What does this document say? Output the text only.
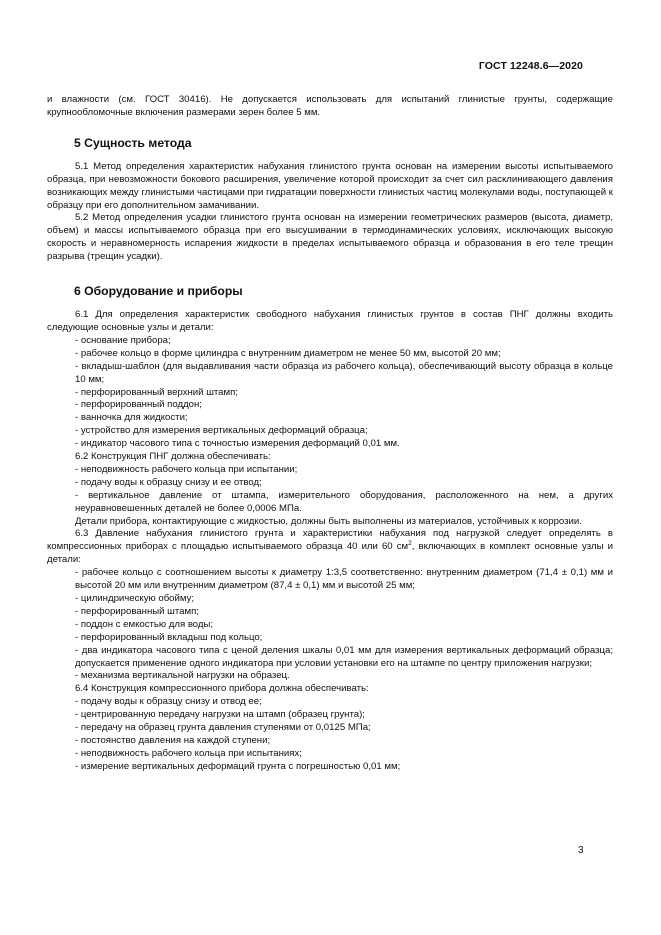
ГОСТ 12248.6—2020

и влажности (см. ГОСТ 30416). Не допускается использовать для испытаний глинистые грунты, содержащие крупнообломочные включения размерами зерен более 5 мм.

5 Сущность метода

5.1 Метод определения характеристик набухания глинистого грунта основан на измерении высоты испытываемого образца, при невозможности бокового расширения, увеличение которой происходит за счет сил расклинивающего давления возникающих между глинистыми частицами при гидратации поверхности глинистых частиц молекулами воды, поступающей к образцу при его дополнительном замачивании.

5.2 Метод определения усадки глинистого грунта основан на измерении геометрических размеров (высота, диаметр, объем) и массы испытываемого образца при его высушивании в термодинамических условиях, исключающих высокую скорость и неравномерность испарения жидкости в пределах испытываемого образца и образования в его теле трещин разрыва (трещин усадки).

6 Оборудование и приборы

6.1 Для определения характеристик свободного набухания глинистых грунтов в состав ПНГ должны входить следующие основные узлы и детали:

- основание прибора;

- рабочее кольцо в форме цилиндра с внутренним диаметром не менее 50 мм, высотой 20 мм;

- вкладыш-шаблон (для выдавливания части образца из рабочего кольца), обеспечивающий высоту образца в кольце 10 мм;

- перфорированный верхний штамп;

- перфорированный поддон;

- ванночка для жидкости;

- устройство для измерения вертикальных деформаций образца;

- индикатор часового типа с точностью измерения деформаций 0,01 мм.

6.2 Конструкция ПНГ должна обеспечивать:

- неподвижность рабочего кольца при испытании;

- подачу воды к образцу снизу и ее отвод;

- вертикальное давление от штампа, измерительного оборудования, расположенного на нем, а других неуравновешенных деталей не более 0,0006 МПа.

Детали прибора, контактирующие с жидкостью, должны быть выполнены из материалов, устойчивых к коррозии.

6.3 Давление набухания глинистого грунта и характеристики набухания под нагрузкой следует определять в компрессионных приборах с площадью испытываемого образца 40 или 60 $см^2$, включающих в комплект основные узлы и детали:

- рабочее кольцо с соотношением высоты к диаметру 1:3,5 соответственно: внутренним диаметром (71,4 ± 0,1) мм и высотой 20 мм или внутренним диаметром (87,4 ± 0,1) мм и высотой 25 мм;

- цилиндрическую обойму;

- перфорированный штамп;

- поддон с емкостью для воды;

- перфорированный вкладыш под кольцо;

- два индикатора часового типа с ценой деления шкалы 0,01 мм для измерения вертикальных деформаций образца; допускается применение одного индикатора при условии установки его на штампе по центру приложения нагрузки;

- механизма вертикальной нагрузки на образец.

6.4 Конструкция компрессионного прибора должна обеспечивать:

- подачу воды к образцу снизу и отвод ее;

- центрированную передачу нагрузки на штамп (образец грунта);

- передачу на образец грунта давления ступенями от 0,0125 МПа;

- постоянство давления на каждой ступени;

- неподвижность рабочего кольца при испытаниях;

- измерение вертикальных деформаций грунта с погрешностью 0,01 мм;

3
